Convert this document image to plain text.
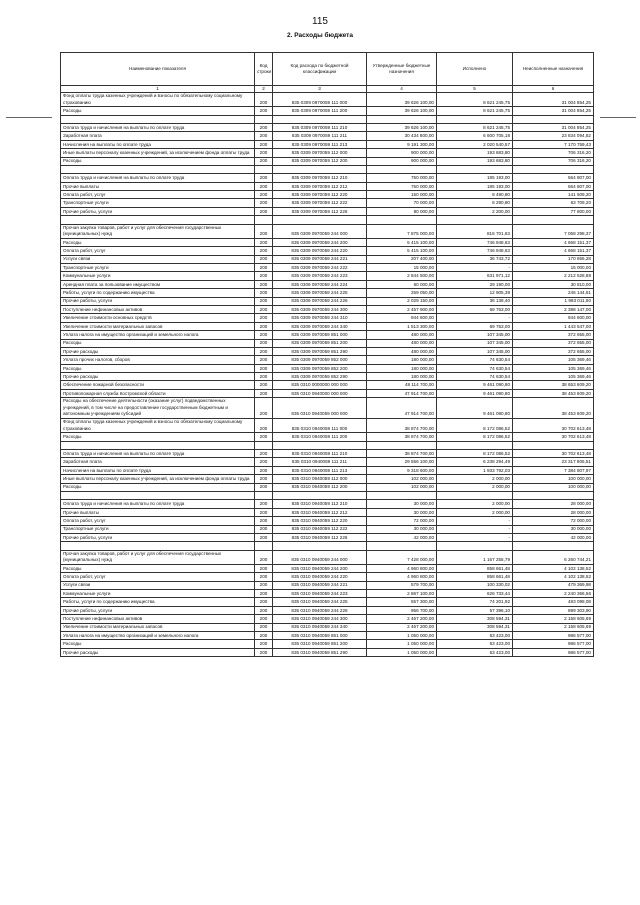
115
2. Расходы бюджета
Наименование показателя	Код строки	Код расхода по бюджетной классификации	Утвержденные бюджетные назначения	Исполнено	Неисполненные назначения
1	2	3	4	5	6
Фонд оплаты труда казенных учреждений и взносы по обязательному социальному страхованию	200	835 0309 0970059 111 000	39 626 100,00	8 621 245,75	31 004 854,25
Расходы	200	835 0309 0970059 111 200	39 626 100,00	8 621 245,75	31 004 854,25

Оплата труда и начисления на выплаты по оплате труда	200	835 0309 0970059 111 210	39 626 100,00	8 621 245,75	31 004 854,25
Заработная плата	200	835 0309 0970059 111 211	30 434 800,00	6 600 705,18	23 834 094,82
Начисления на выплаты по оплате труда	200	835 0309 0970059 111 213	9 191 300,00	2 020 540,57	7 170 759,43
Иные выплаты персоналу казенных учреждений, за исключением фонда оплаты труда	200	835 0309 0970059 112 000	900 000,00	193 683,80	706 316,20
Расходы	200	835 0309 0970059 112 200	900 000,00	193 683,80	706 316,20

Оплата труда и начисления на выплаты по оплате труда	200	835 0309 0970059 112 210	750 000,00	185 193,00	564 807,00
Прочие выплаты	200	835 0309 0970059 112 212	750 000,00	185 193,00	564 807,00
Оплата работ, услуг	200	835 0309 0970059 112 220	150 000,00	8 490,80	141 509,20
Транспортные услуги	200	835 0309 0970059 112 222	70 000,00	6 290,80	63 709,20
Прочие работы, услуги	200	835 0309 0970059 112 226	80 000,00	2 200,00	77 800,00

Прочая закупка товаров, работ и услуг для обеспечения государственных (муниципальных) нужд	200	835 0309 0970059 244 000	7 875 000,00	816 701,63	7 058 298,37
Расходы	200	835 0309 0970059 244 200	5 415 100,00	746 948,63	4 668 151,37
Оплата работ, услуг	200	835 0309 0970059 244 220	5 415 100,00	746 948,63	4 668 151,37
Услуги связи	200	835 0309 0970059 244 221	207 400,00	36 743,72	170 656,28
Транспортные услуги	200	835 0309 0970059 244 222	15 000,00	-	15 000,00
Коммунальные услуги	200	835 0309 0970059 244 223	2 844 500,00	631 971,12	2 212 528,88
Арендная плата за пользование имуществом	200	835 0309 0970059 244 224	60 000,00	29 190,00	30 810,00
Работы, услуги по содержанию имущества	200	835 0309 0970059 244 225	259 050,00	12 905,39	246 144,61
Прочие работы, услуги	200	835 0309 0970059 244 226	2 029 150,00	36 138,40	1 993 011,60
Поступление нефинансовых активов	200	835 0309 0970059 244 300	2 457 900,00	69 753,00	2 388 147,00
Увеличение стоимости основных средств	200	835 0309 0970059 244 310	944 600,00	-	944 600,00
Увеличение стоимости материальных запасов	200	835 0309 0970059 244 340	1 513 300,00	69 753,00	1 443 547,00
Уплата налога на имущество организаций и земельного налога	200	835 0309 0970059 851 000	480 000,00	107 345,00	372 655,00
Расходы	200	835 0309 0970059 851 200	480 000,00	107 345,00	372 655,00
Прочие расходы	200	835 0309 0970059 851 290	480 000,00	107 345,00	372 655,00
Уплата прочих налогов, сборов	200	835 0309 0970059 852 000	180 000,00	74 630,54	105 369,46
Расходы	200	835 0309 0970059 852 200	180 000,00	74 630,54	105 369,46
Прочие расходы	200	835 0309 0970059 852 290	180 000,00	74 630,54	105 369,46
Обеспечение пожарной безопасности	200	835 0310 0000000 000 000	48 114 700,00	9 461 090,80	38 653 609,20
Противопожарная служба Костромской области	200	835 0310 0940000 000 000	47 914 700,00	9 461 090,80	38 453 609,20
Расходы на обеспечение деятельности (оказание услуг) подведомственных учреждений, в том числе на предоставление государственным бюджетным и автономным учреждениям субсидий	200	835 0310 0940059 000 000	47 914 700,00	9 461 090,80	38 453 609,20
Фонд оплаты труда казенных учреждений и взносы по обязательному социальному страхованию	200	835 0310 0940059 111 000	38 874 700,00	8 172 086,52	30 702 613,48
Расходы	200	835 0310 0940059 111 200	38 874 700,00	8 172 086,52	30 702 613,48

Оплата труда и начисления на выплаты по оплате труда	200	835 0310 0940059 111 210	38 874 700,00	8 172 086,52	30 702 613,48
Заработная плата	200	835 0310 0940059 111 211	29 556 100,00	6 238 294,49	23 317 805,51
Начисления на выплаты по оплате труда	200	835 0310 0940059 111 213	9 318 600,00	1 933 792,03	7 384 807,97
Иные выплаты персоналу казенных учреждений, за исключением фонда оплаты труда	200	835 0310 0940059 112 000	102 000,00	2 000,00	100 000,00
Расходы	200	835 0310 0940059 112 200	102 000,00	2 000,00	100 000,00

Оплата труда и начисления на выплаты по оплате труда	200	835 0310 0940059 112 210	30 000,00	2 000,00	28 000,00
Прочие выплаты	200	835 0310 0940059 112 212	30 000,00	2 000,00	28 000,00
Оплата работ, услуг	200	835 0310 0940059 112 220	72 000,00	-	72 000,00
Транспортные услуги	200	835 0310 0940059 112 222	30 000,00	-	30 000,00
Прочие работы, услуги	200	835 0310 0940059 112 226	42 000,00	-	42 000,00

Прочая закупка товаров, работ и услуг для обеспечения государственных (муниципальных) нужд	200	835 0310 0940059 244 000	7 428 000,00	1 167 255,79	6 260 744,21
Расходы	200	835 0310 0940059 244 200	4 960 800,00	858 661,48	4 102 138,52
Оплата работ, услуг	200	835 0310 0940059 244 220	4 960 800,00	858 661,48	4 102 138,52
Услуги связи	200	835 0310 0940059 244 221	579 700,00	100 330,02	479 369,98
Коммунальные услуги	200	835 0310 0940059 244 223	2 867 100,00	626 733,44	2 240 366,56
Работы, услуги по содержанию имущества	200	835 0310 0940059 244 225	557 300,00	74 201,92	483 098,08
Прочие работы, услуги	200	835 0310 0940059 244 226	956 700,00	57 396,10	899 303,90
Поступление нефинансовых активов	200	835 0310 0940059 244 300	2 467 200,00	308 594,31	2 158 605,69
Увеличение стоимости материальных запасов	200	835 0310 0940059 244 340	2 467 200,00	308 594,31	2 158 605,69
Уплата налога на имущество организаций и земельного налога	200	835 0310 0940059 851 000	1 050 000,00	63 423,00	986 577,00
Расходы	200	835 0310 0940059 851 200	1 050 000,00	63 423,00	986 577,00
Прочие расходы	200	835 0310 0940059 851 290	1 050 000,00	63 423,00	986 577,00
